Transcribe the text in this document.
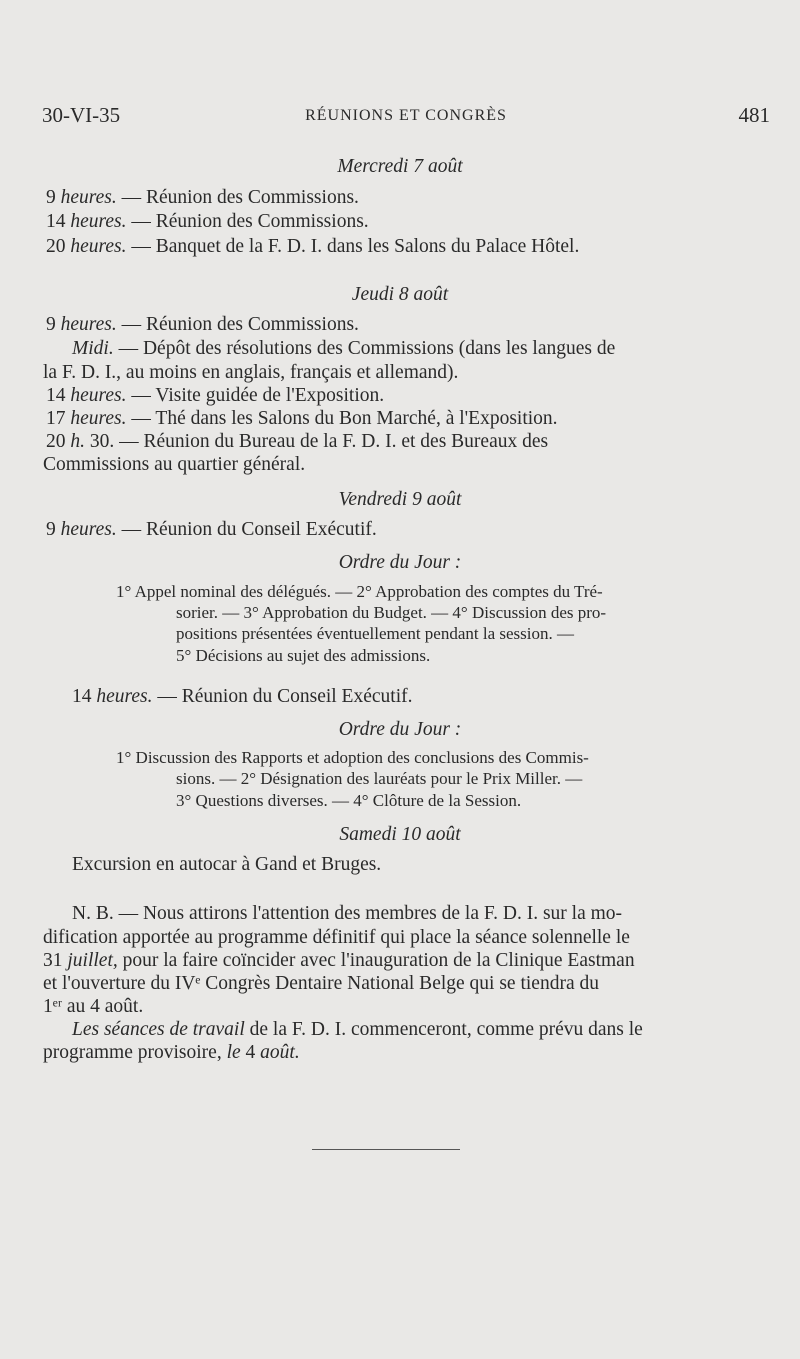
30-VI-35	RÉUNIONS ET CONGRÈS	481
Mercredi 7 août
9 heures. — Réunion des Commissions.
14 heures. — Réunion des Commissions.
20 heures. — Banquet de la F. D. I. dans les Salons du Palace Hôtel.
Jeudi 8 août
9 heures. — Réunion des Commissions.
Midi. — Dépôt des résolutions des Commissions (dans les langues de
la F. D. I., au moins en anglais, français et allemand).
14 heures. — Visite guidée de l'Exposition.
17 heures. — Thé dans les Salons du Bon Marché, à l'Exposition.
20 h. 30. — Réunion du Bureau de la F. D. I. et des Bureaux des
Commissions au quartier général.
Vendredi 9 août
9 heures. — Réunion du Conseil Exécutif.
Ordre du Jour :
1° Appel nominal des délégués. — 2° Approbation des comptes du Tré-
sorier. — 3° Approbation du Budget. — 4° Discussion des pro-
positions présentées éventuellement pendant la session. —
5° Décisions au sujet des admissions.
14 heures. — Réunion du Conseil Exécutif.
Ordre du Jour :
1° Discussion des Rapports et adoption des conclusions des Commis-
sions. — 2° Désignation des lauréats pour le Prix Miller. —
3° Questions diverses. — 4° Clôture de la Session.
Samedi 10 août
Excursion en autocar à Gand et Bruges.
N. B. — Nous attirons l'attention des membres de la F. D. I. sur la mo-
dification apportée au programme définitif qui place la séance solennelle le
31 juillet, pour la faire coïncider avec l'inauguration de la Clinique Eastman
et l'ouverture du IVᵉ Congrès Dentaire National Belge qui se tiendra du
1ᵉʳ au 4 août.
Les séances de travail de la F. D. I. commenceront, comme prévu dans le
programme provisoire, le 4 août.
